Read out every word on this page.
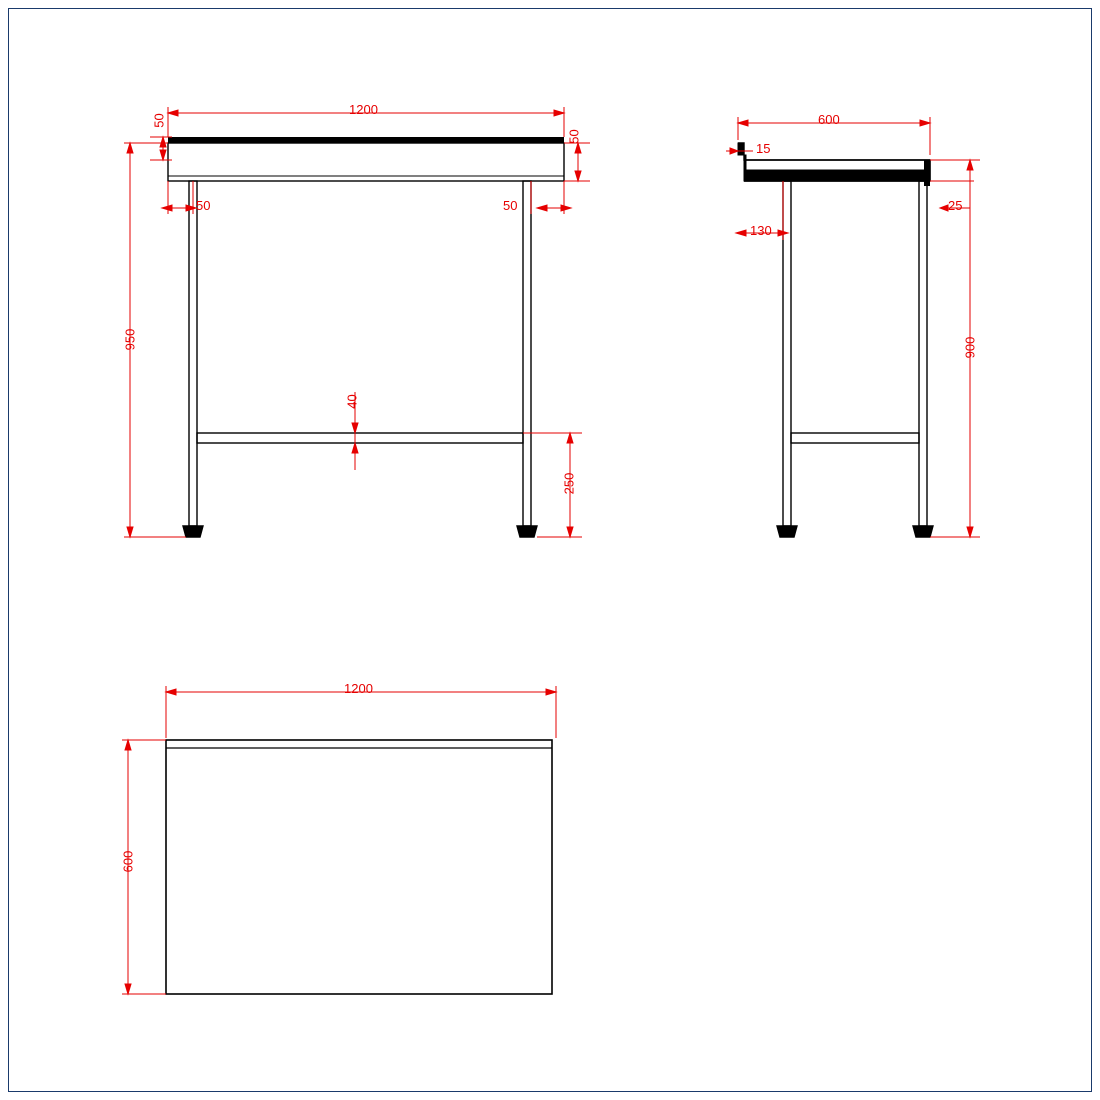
1200
50
50
50	50
950
40
250
600
15
25
130
900
1200
600
